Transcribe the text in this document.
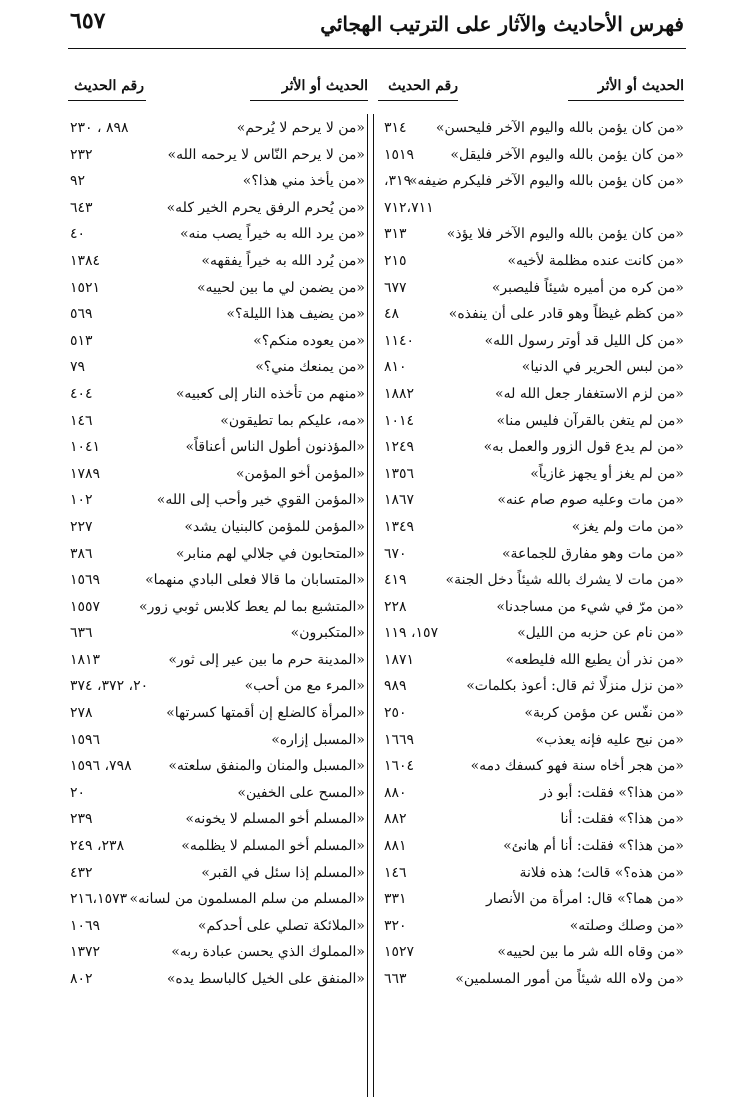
٦٥٧	فهرس الأحاديث والآثار على الترتيب الهجائي
الحديث أو الأثر
رقم الحديث
الحديث أو الأثر
رقم الحديث
«من كان يؤمن بالله واليوم الآخر فليحسن»
٣١٤
«من كان يؤمن بالله واليوم الآخر فليقل»
١٥١٩
«من كان يؤمن بالله واليوم الآخر فليكرم ضيفه»
٣١٩،
٧١٢،٧١١
«من كان يؤمن بالله واليوم الآخر فلا يؤذ»
٣١٣
«من كانت عنده مظلمة لأخيه»
٢١٥
«من كره من أميره شيئاً فليصبر»
٦٧٧
«من كظم غيظاً وهو قادر على أن ينفذه»
٤٨
«من كل الليل قد أوتر رسول الله»
١١٤٠
«من لبس الحرير في الدنيا»
٨١٠
«من لزم الاستغفار جعل الله له»
١٨٨٢
«من لم يتغن بالقرآن فليس منا»
١٠١٤
«من لم يدع قول الزور والعمل به»
١٢٤٩
«من لم يغز أو يجهز غازياً»
١٣٥٦
«من مات وعليه صوم صام عنه»
١٨٦٧
«من مات ولم يغز»
١٣٤٩
«من مات وهو مفارق للجماعة»
٦٧٠
«من مات لا يشرك بالله شيئاً دخل الجنة»
٤١٩
«من مرّ في شيء من مساجدنا»
٢٢٨
«من نام عن حزبه من الليل»
١٥٧، ١١٩
«من نذر أن يطيع الله فليطعه»
١٨٧١
«من نزل منزلًا ثم قال: أعوذ بكلمات»
٩٨٩
«من نفّس عن مؤمن كربة»
٢٥٠
«من نيح عليه فإنه يعذب»
١٦٦٩
«من هجر أخاه سنة فهو كسفك دمه»
١٦٠٤
«من هذا؟» فقلت: أبو ذر
٨٨٠
«من هذا؟» فقلت: أنا
٨٨٢
«من هذا؟» فقلت: أنا أم هانئ»
٨٨١
«من هذه؟» قالت؛ هذه فلانة
١٤٦
«من هما؟» قال: امرأة من الأنصار
٣٣١
«من وصلك وصلته»
٣٢٠
«من وقاه الله شر ما بين لحييه»
١٥٢٧
«من ولاه الله شيئاً من أمور المسلمين»
٦٦٣
«من لا يرحم لا يُرحم»
٨٩٨ ، ٢٣٠
«من لا يرحم النّاس لا يرحمه الله»
٢٣٢
«من يأخذ مني هذا؟»
٩٢
«من يُحرم الرفق يحرم الخير كله»
٦٤٣
«من يرد الله به خيراً يصب منه»
٤٠
«من يُرد الله به خيراً يفقهه»
١٣٨٤
«من يضمن لي ما بين لحييه»
١٥٢١
«من يضيف هذا الليلة؟»
٥٦٩
«من يعوده منكم؟»
٥١٣
«من يمنعك مني؟»
٧٩
«منهم من تأخذه النار إلى كعبيه»
٤٠٤
«مه، عليكم بما تطيقون»
١٤٦
«المؤذنون أطول الناس أعناقاً»
١٠٤١
«المؤمن أخو المؤمن»
١٧٨٩
«المؤمن القوي خير وأحب إلى الله»
١٠٢
«المؤمن للمؤمن كالبنيان يشد»
٢٢٧
«المتحابون في جلالي لهم منابر»
٣٨٦
«المتسابان ما قالا فعلى البادي منهما»
١٥٦٩
«المتشبع بما لم يعط كلابس ثوبي زور»
١٥٥٧
«المتكبرون»
٦٣٦
«المدينة حرم ما بين عير إلى ثور»
١٨١٣
«المرء مع من أحب»
٢٠، ٣٧٢، ٣٧٤
«المرأة كالضلع إن أقمتها كسرتها»
٢٧٨
«المسبل إزاره»
١٥٩٦
«المسبل والمنان والمنفق سلعته»
٧٩٨، ١٥٩٦
«المسح على الخفين»
٢٠
«المسلم أخو المسلم لا يخونه»
٢٣٩
«المسلم أخو المسلم لا يظلمه»
٢٣٨، ٢٤٩
«المسلم إذا سئل في القبر»
٤٣٢
«المسلم من سلم المسلمون من لسانه»
٢١٦،١٥٧٣
«الملائكة تصلي على أحدكم»
١٠٦٩
«المملوك الذي يحسن عبادة ربه»
١٣٧٢
«المنفق على الخيل كالباسط يده»
٨٠٢
